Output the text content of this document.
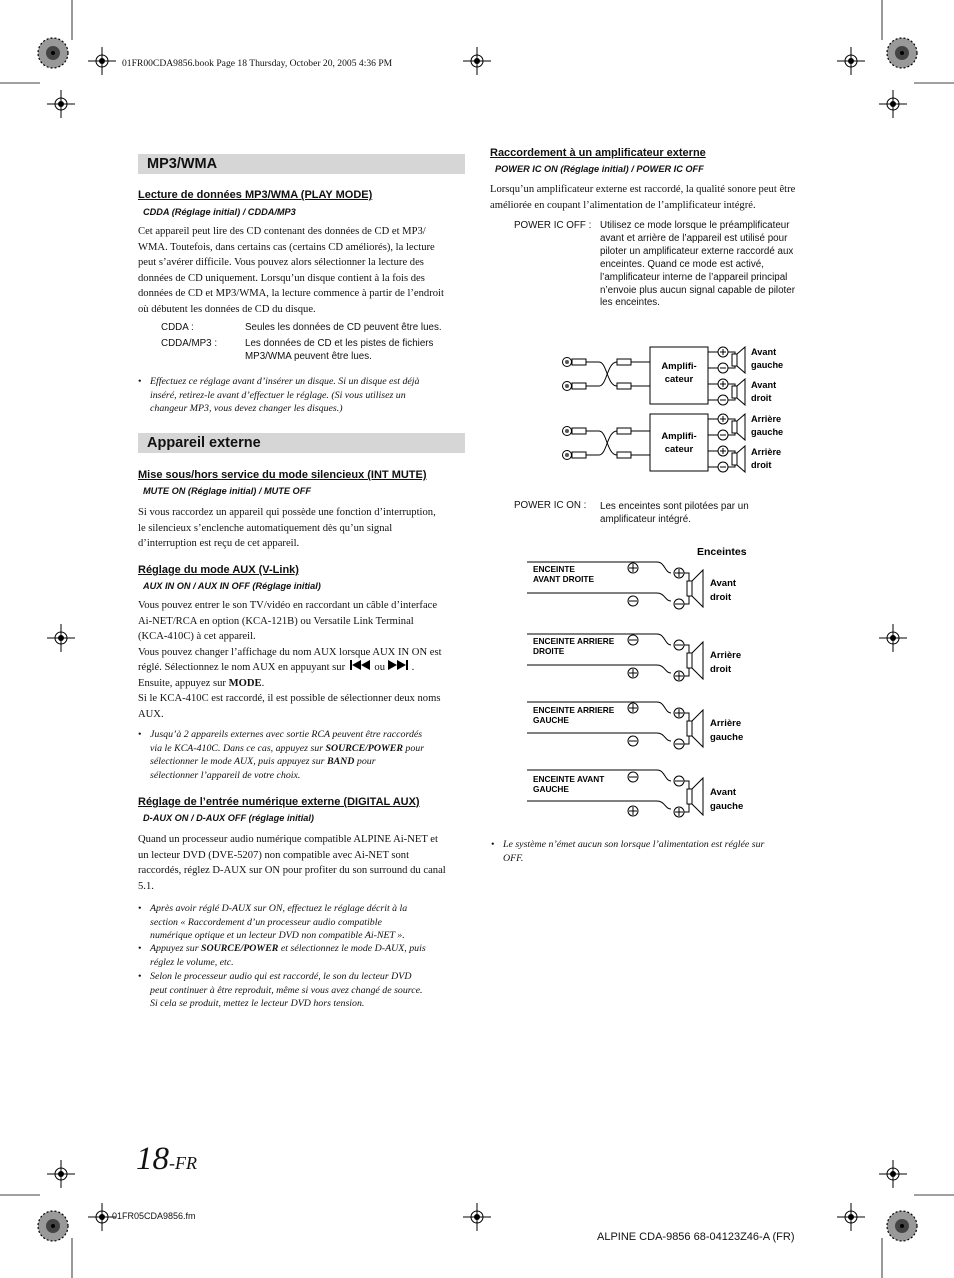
01FR00CDA9856.book Page 18 Thursday, October 20, 2005 4:36 PM
MP3/WMA
Lecture de données MP3/WMA (PLAY MODE)
CDDA (Réglage initial) / CDDA/MP3
Cet appareil peut lire des CD contenant des données de CD et MP3/
WMA. Toutefois, dans certains cas (certains CD améliorés), la lecture
peut s’avérer difficile. Vous pouvez alors sélectionner la lecture des
données de CD uniquement. Lorsqu’un disque contient à la fois des
données de CD et MP3/WMA, la lecture commence à partir de l’endroit
où débutent les données de CD du disque.
CDDA :	Seules les données de CD peuvent être lues.
CDDA/MP3 :	Les données de CD et les pistes de fichiers
MP3/WMA peuvent être lues.
• Effectuez ce réglage avant d’insérer un disque. Si un disque est déjà
inséré, retirez-le avant d’effectuer le réglage. (Si vous utilisez un
changeur MP3, vous devez changer les disques.)
Appareil externe
Mise sous/hors service du mode silencieux (INT MUTE)
MUTE ON (Réglage initial) / MUTE OFF
Si vous raccordez un appareil qui possède une fonction d’interruption,
le silencieux s’enclenche automatiquement dès qu’un signal
d’interruption est reçu de cet appareil.
Réglage du mode AUX (V-Link)
AUX IN ON / AUX IN OFF (Réglage initial)
Vous pouvez entrer le son TV/vidéo en raccordant un câble d’interface
Ai-NET/RCA en option (KCA-121B) ou Versatile Link Terminal
(KCA-410C) à cet appareil.
Vous pouvez changer l’affichage du nom AUX lorsque AUX IN ON est
réglé. Sélectionnez le nom AUX en appuyant sur	ou	.
Ensuite, appuyez sur MODE.
Si le KCA-410C est raccordé, il est possible de sélectionner deux noms
AUX.
• Jusqu’à 2 appareils externes avec sortie RCA peuvent être raccordés
via le KCA-410C. Dans ce cas, appuyez sur SOURCE/POWER pour
sélectionner le mode AUX, puis appuyez sur BAND pour
sélectionner l’appareil de votre choix.
Réglage de l’entrée numérique externe (DIGITAL AUX)
D-AUX ON / D-AUX OFF (réglage initial)
Quand un processeur audio numérique compatible ALPINE Ai-NET et
un lecteur DVD (DVE-5207) non compatible avec Ai-NET sont
raccordés, réglez D-AUX sur ON pour profiter du son surround du canal
5.1.
• Après avoir réglé D-AUX sur ON, effectuez le réglage décrit à la
section « Raccordement d’un processeur audio compatible
numérique optique et un lecteur DVD non compatible Ai-NET ».
• Appuyez sur SOURCE/POWER et sélectionnez le mode D-AUX, puis
réglez le volume, etc.
• Selon le processeur audio qui est raccordé, le son du lecteur DVD
peut continuer à être reproduit, même si vous avez changé de source.
Si cela se produit, mettez le lecteur DVD hors tension.
Raccordement à un amplificateur externe
POWER IC ON (Réglage initial) / POWER IC OFF
Lorsqu’un amplificateur externe est raccordé, la qualité sonore peut être
améliorée en coupant l’alimentation de l’amplificateur intégré.
POWER IC OFF : Utilisez ce mode lorsque le préamplificateur
avant et arrière de l’appareil est utilisé pour
piloter un amplificateur externe raccordé aux
enceintes. Quand ce mode est activé,
l’amplificateur interne de l’appareil principal
n’envoie plus aucun signal capable de piloter
les enceintes.
Amplifi-
cateur
Amplifi-
cateur
Avant
gauche
Avant
droit
Arrière
gauche
Arrière
droit
POWER IC ON : Les enceintes sont pilotées par un
amplificateur intégré.
Enceintes
ENCEINTE
AVANT DROITE	Avant
droit
ENCEINTE ARRIERE
DROITE	Arrière
droit
ENCEINTE ARRIERE
GAUCHE	Arrière
gauche
ENCEINTE AVANT
GAUCHE	Avant
gauche
• Le système n’émet aucun son lorsque l’alimentation est réglée sur
OFF.
18-FR
01FR05CDA9856.fm
ALPINE CDA-9856 68-04123Z46-A (FR)
